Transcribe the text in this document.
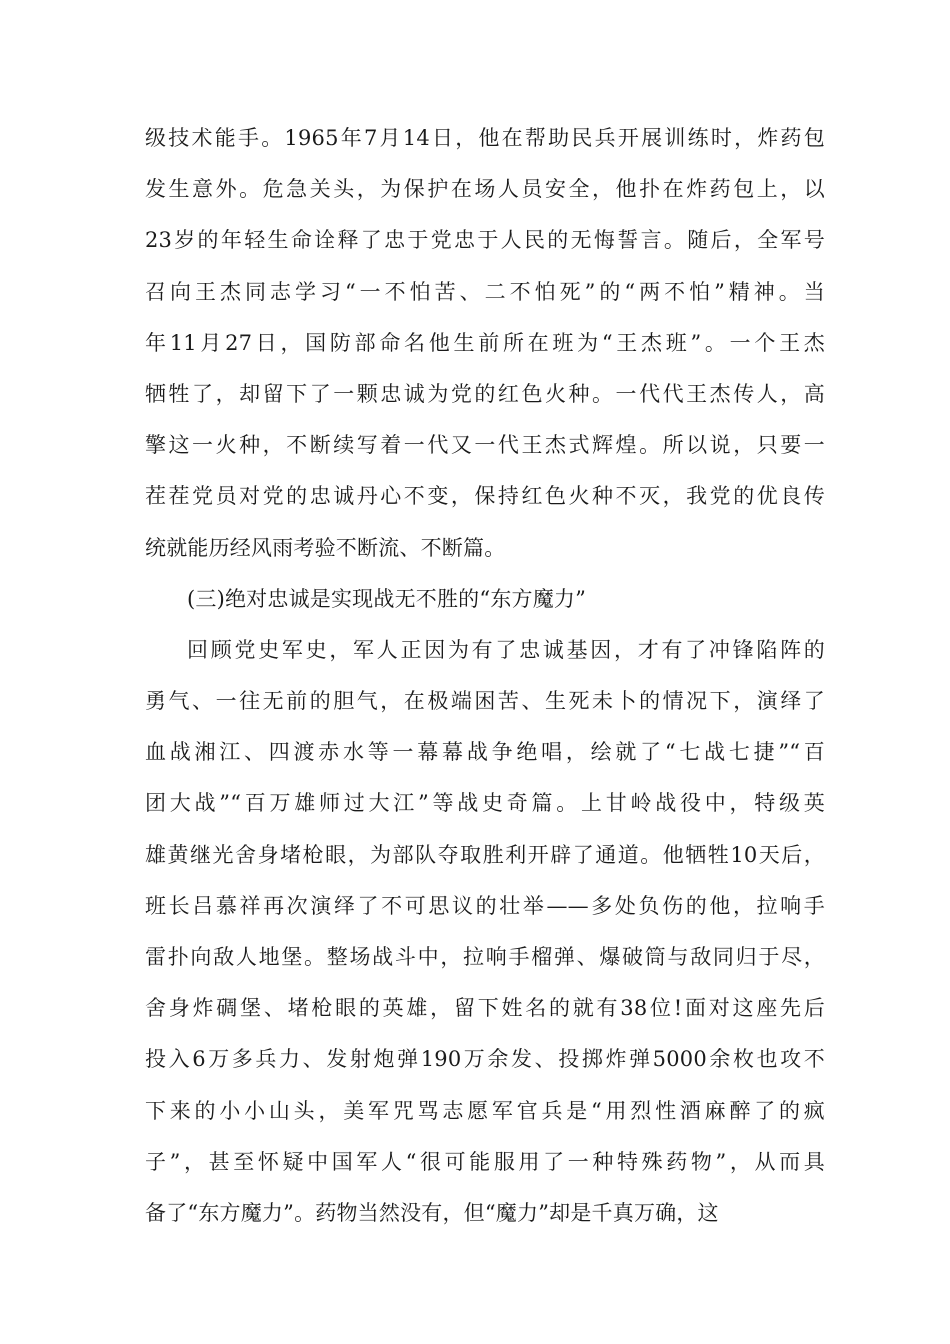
级技术能手。1965年7月14日，他在帮助民兵开展训练时，炸药包
发生意外。危急关头，为保护在场人员安全，他扑在炸药包上，以
23岁的年轻生命诠释了忠于党忠于人民的无悔誓言。随后，全军号
召向王杰同志学习“一不怕苦、二不怕死”的“两不怕”精神。当
年11月27日，国防部命名他生前所在班为“王杰班”。一个王杰
牺牲了，却留下了一颗忠诚为党的红色火种。一代代王杰传人，高
擎这一火种，不断续写着一代又一代王杰式辉煌。所以说，只要一
茬茬党员对党的忠诚丹心不变，保持红色火种不灭，我党的优良传
统就能历经风雨考验不断流、不断篇。
(三)绝对忠诚是实现战无不胜的“东方魔力”
回顾党史军史，军人正因为有了忠诚基因，才有了冲锋陷阵的
勇气、一往无前的胆气，在极端困苦、生死未卜的情况下，演绎了
血战湘江、四渡赤水等一幕幕战争绝唱，绘就了“七战七捷”“百
团大战”“百万雄师过大江”等战史奇篇。上甘岭战役中，特级英
雄黄继光舍身堵枪眼，为部队夺取胜利开辟了通道。他牺牲10天后，
班长吕慕祥再次演绎了不可思议的壮举——多处负伤的他，拉响手
雷扑向敌人地堡。整场战斗中，拉响手榴弹、爆破筒与敌同归于尽，
舍身炸碉堡、堵枪眼的英雄，留下姓名的就有38位!面对这座先后
投入6万多兵力、发射炮弹190万余发、投掷炸弹5000余枚也攻不
下来的小小山头，美军咒骂志愿军官兵是“用烈性酒麻醉了的疯
子”，甚至怀疑中国军人“很可能服用了一种特殊药物”，从而具
备了“东方魔力”。药物当然没有，但“魔力”却是千真万确，这
